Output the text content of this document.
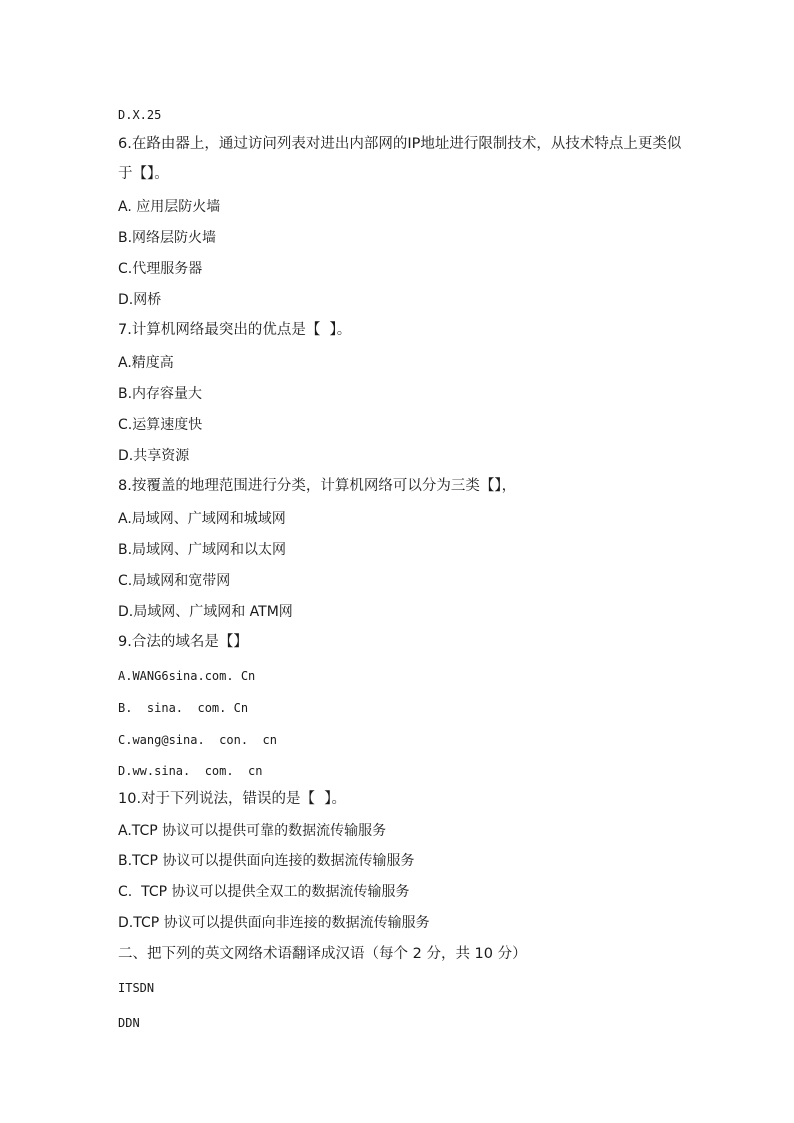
D.X.25
6.在路由器上，通过访问列表对进出内部网的IP地址进行限制技术，从技术特点上更类似
于【】。
A. 应用层防火墙
B.网络层防火墙
C.代理服务器
D.网桥
7.计算机网络最突出的优点是【  】。
A.精度高
B.内存容量大
C.运算速度快
D.共享资源
8.按覆盖的地理范围进行分类，计算机网络可以分为三类【】，
A.局域网、广域网和城域网
B.局域网、广域网和以太网
C.局域网和宽带网
D.局域网、广域网和 ATM网
9.合法的域名是【】
A.WANG6sina.com. Cn
B.  sina.  com. Cn
C.wang@sina.  con.  cn
D.ww.sina.  com.  cn
10.对于下列说法，错误的是【  】。
A.TCP 协议可以提供可靠的数据流传输服务
B.TCP 协议可以提供面向连接的数据流传输服务
C.  TCP 协议可以提供全双工的数据流传输服务
D.TCP 协议可以提供面向非连接的数据流传输服务
二、把下列的英文网络术语翻译成汉语（每个 2 分，共 10 分）
ITSDN
DDN
